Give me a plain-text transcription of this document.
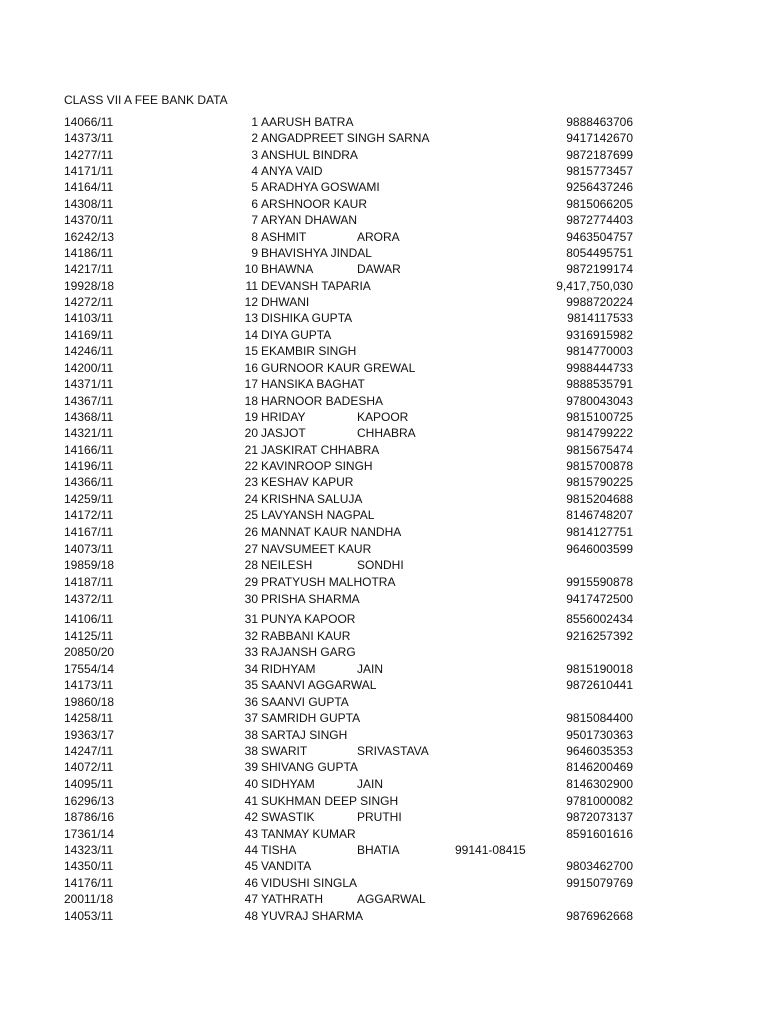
CLASS VII A FEE BANK DATA
14066/11	1 AARUSH BATRA	9888463706
14373/11	2 ANGADPREET SINGH SARNA	9417142670
14277/11	3 ANSHUL BINDRA	9872187699
14171/11	4 ANYA VAID	9815773457
14164/11	5 ARADHYA GOSWAMI	9256437246
14308/11	6 ARSHNOOR KAUR	9815066205
14370/11	7 ARYAN DHAWAN	9872774403
16242/13	8 ASHMIT	ARORA	9463504757
14186/11	9 BHAVISHYA JINDAL	8054495751
14217/11	10 BHAWNA	DAWAR	9872199174
19928/18	11 DEVANSH TAPARIA	9,417,750,030
14272/11	12 DHWANI	9988720224
14103/11	13 DISHIKA GUPTA	9814117533
14169/11	14 DIYA GUPTA	9316915982
14246/11	15 EKAMBIR SINGH	9814770003
14200/11	16 GURNOOR KAUR GREWAL	9988444733
14371/11	17 HANSIKA BAGHAT	9888535791
14367/11	18 HARNOOR BADESHA	9780043043
14368/11	19 HRIDAY	KAPOOR	9815100725
14321/11	20 JASJOT	CHHABRA	9814799222
14166/11	21 JASKIRAT CHHABRA	9815675474
14196/11	22 KAVINROOP SINGH	9815700878
14366/11	23 KESHAV KAPUR	9815790225
14259/11	24 KRISHNA SALUJA	9815204688
14172/11	25 LAVYANSH NAGPAL	8146748207
14167/11	26 MANNAT KAUR NANDHA	9814127751
14073/11	27 NAVSUMEET KAUR	9646003599
19859/18	28 NEILESH	SONDHI
14187/11	29 PRATYUSH MALHOTRA	9915590878
14372/11	30 PRISHA SHARMA	9417472500
14106/11	31 PUNYA KAPOOR	8556002434
14125/11	32 RABBANI KAUR	9216257392
20850/20	33 RAJANSH GARG
17554/14	34 RIDHYAM	JAIN	9815190018
14173/11	35 SAANVI AGGARWAL	9872610441
19860/18	36 SAANVI GUPTA
14258/11	37 SAMRIDH GUPTA	9815084400
19363/17	38 SARTAJ SINGH	9501730363
14247/11	38 SWARIT	SRIVASTAVA	9646035353
14072/11	39 SHIVANG GUPTA	8146200469
14095/11	40 SIDHYAM	JAIN	8146302900
16296/13	41 SUKHMAN DEEP SINGH	9781000082
18786/16	42 SWASTIK	PRUTHI	9872073137
17361/14	43 TANMAY KUMAR	8591601616
14323/11	44 TISHA	BHATIA	99141-08415
14350/11	45 VANDITA	9803462700
14176/11	46 VIDUSHI SINGLA	9915079769
20011/18	47 YATHRATH	AGGARWAL
14053/11	48 YUVRAJ SHARMA	9876962668
